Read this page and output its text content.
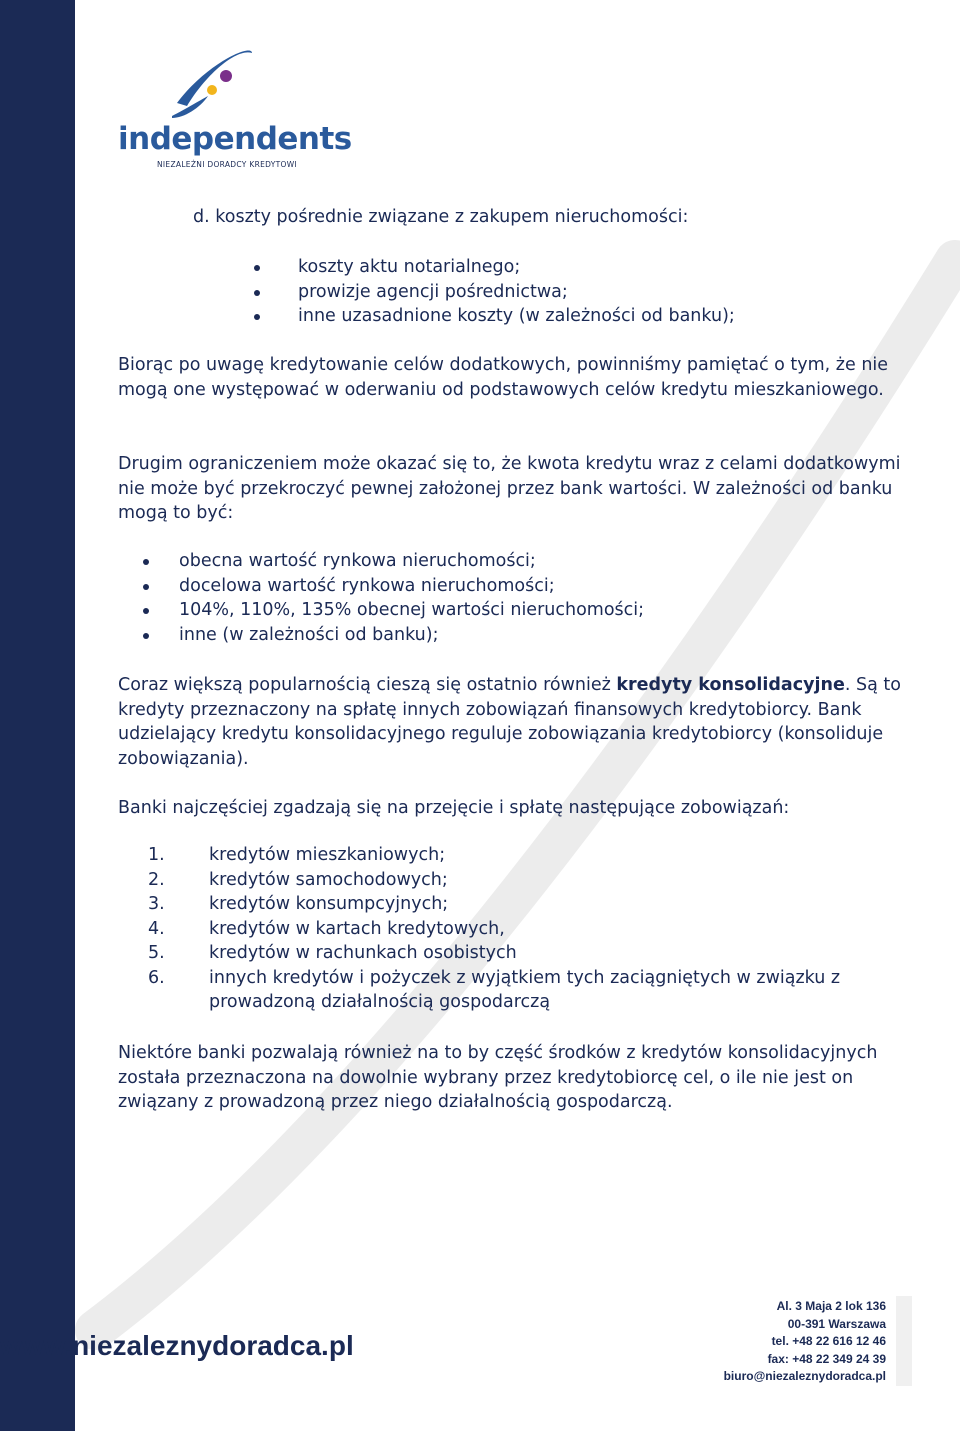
independents
NIEZALEŻNI DORADCY KREDYTOWI

d. koszty pośrednie związane z zakupem nieruchomości:

koszty aktu notarialnego;
prowizje agencji pośrednictwa;
inne uzasadnione koszty (w zależności od banku);

Biorąc po uwagę kredytowanie celów dodatkowych, powinniśmy pamiętać o tym, że nie mogą one występować w oderwaniu od podstawowych celów kredytu mieszkaniowego.

Drugim ograniczeniem może okazać się to, że kwota kredytu wraz z celami dodatkowymi nie może być przekroczyć pewnej założonej przez bank wartości. W zależności od banku mogą to być:

obecna wartość rynkowa nieruchomości;
docelowa wartość rynkowa nieruchomości;
104%, 110%, 135% obecnej wartości nieruchomości;
inne (w zależności od banku);

Coraz większą popularnością cieszą się ostatnio również kredyty konsolidacyjne. Są to kredyty przeznaczony na spłatę innych zobowiązań finansowych kredytobiorcy. Bank udzielający kredytu konsolidacyjnego reguluje zobowiązania kredytobiorcy (konsoliduje zobowiązania).

Banki najczęściej zgadzają się na przejęcie i spłatę następujące zobowiązań:

1.	kredytów mieszkaniowych;
2.	kredytów samochodowych;
3.	kredytów konsumpcyjnych;
4.	kredytów w kartach kredytowych,
5.	kredytów w rachunkach osobistych
6.	innych kredytów i pożyczek z wyjątkiem tych zaciągniętych w związku z prowadzoną działalnością gospodarczą

Niektóre banki pozwalają również na to by część środków z kredytów konsolidacyjnych została przeznaczona na dowolnie wybrany przez kredytobiorcę cel, o ile nie jest on związany z prowadzoną przez niego działalnością gospodarczą.

www.niezaleznydoradca.pl
Al. 3 Maja 2 lok 136
00-391 Warszawa
tel. +48 22 616 12 46
fax: +48 22 349 24 39
biuro@niezaleznydoradca.pl
